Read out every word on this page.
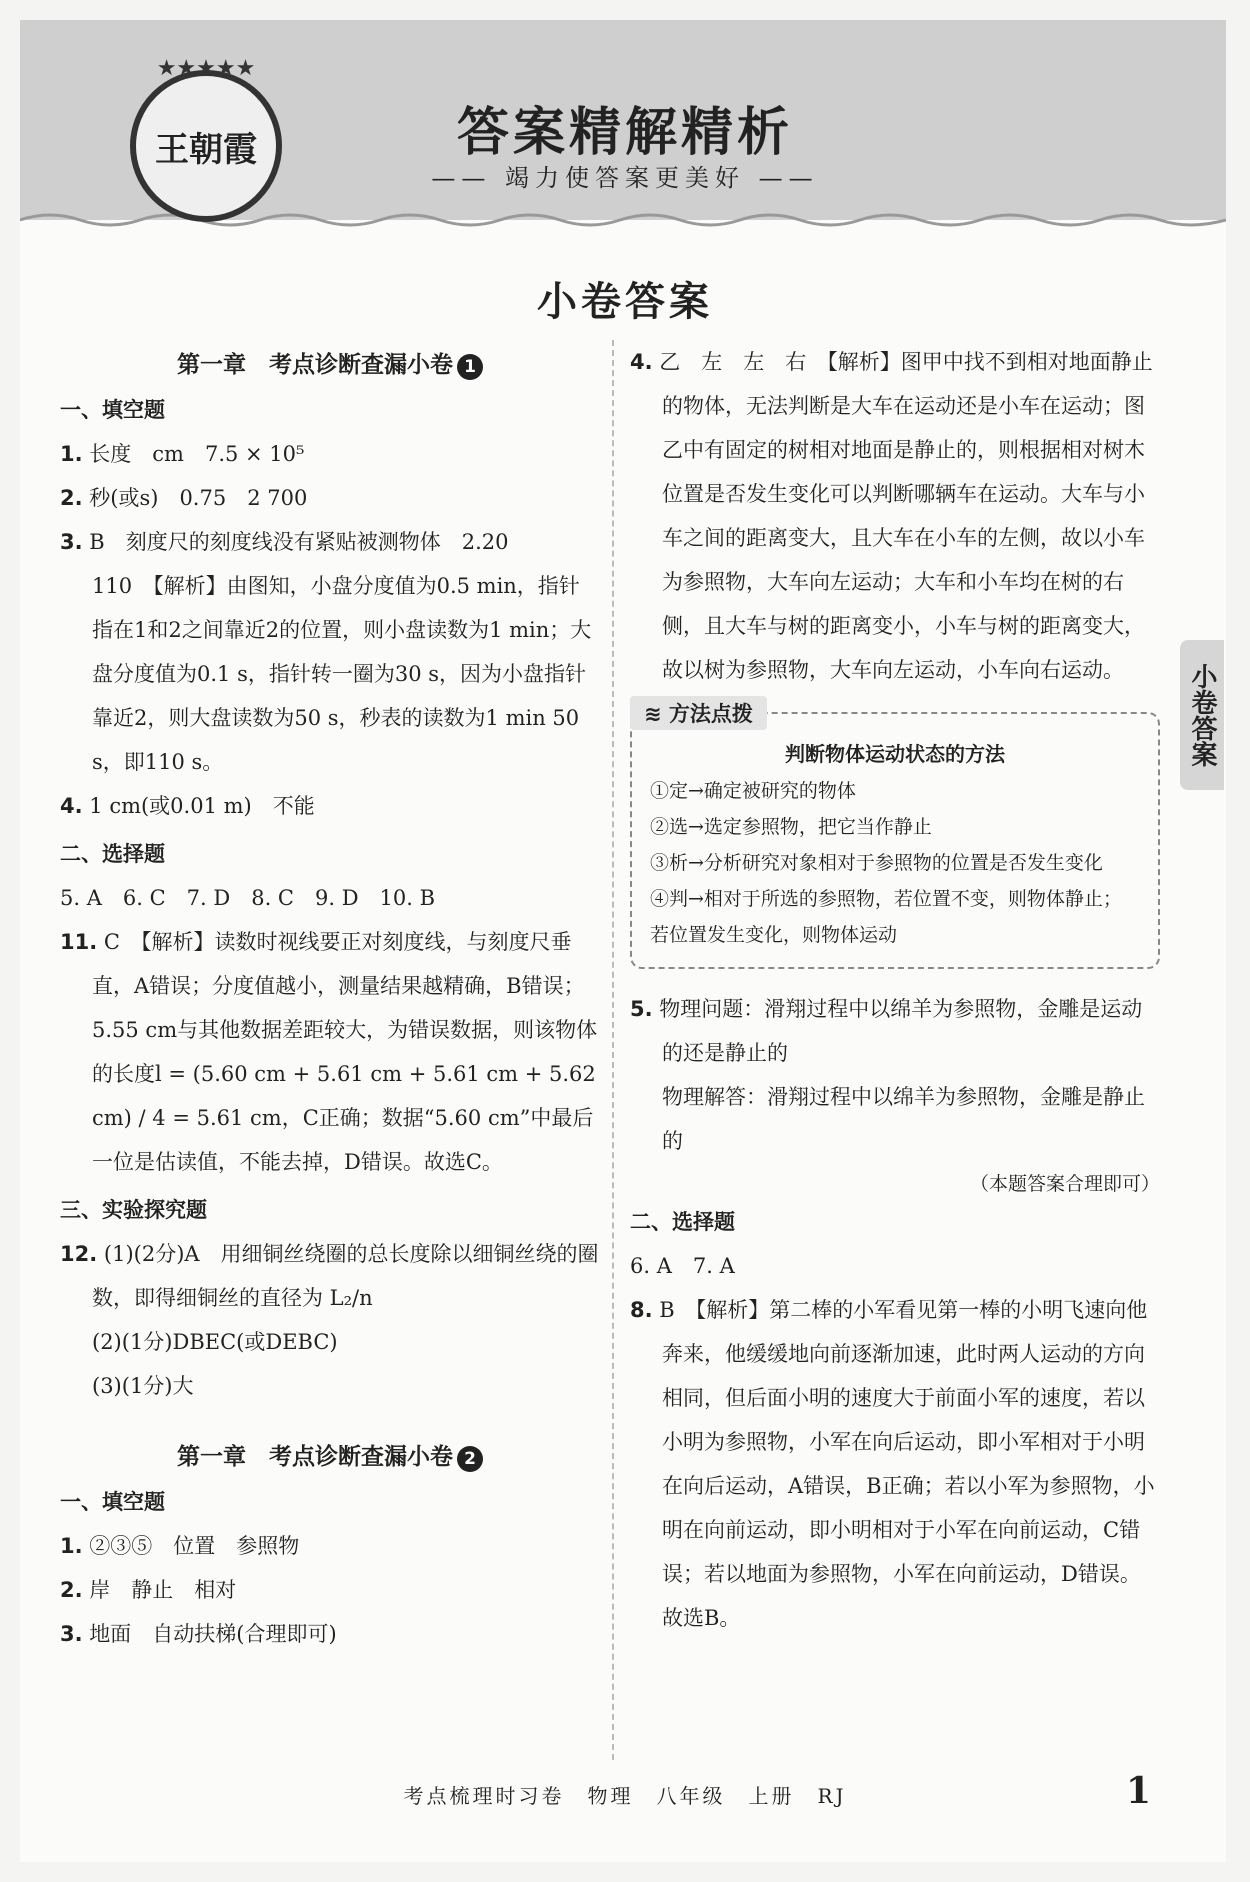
★★★★★
王朝霞	答案精解精析
—— 竭力使答案更美好 ——
小卷答案
第一章　考点诊断查漏小卷 1
一、填空题
1. 长度　cm　7.5 × 10⁵
2. 秒(或s)　0.75　2 700
3. B　刻度尺的刻度线没有紧贴被测物体　2.20
110　【解析】由图知，小盘分度值为0.5 min，指针指在1和2之间靠近2的位置，则小盘读数为1 min；大盘分度值为0.1 s，指针转一圈为30 s，因为小盘指针靠近2，则大盘读数为50 s，秒表的读数为1 min 50 s，即110 s。
4. 1 cm(或0.01 m)　不能
二、选择题
5. A　6. C　7. D　8. C　9. D　10. B
11. C　【解析】读数时视线要正对刻度线，与刻度尺垂直，A错误；分度值越小，测量结果越精确，B错误；5.55 cm与其他数据差距较大，为错误数据，则该物体的长度l = (5.60 cm + 5.61 cm + 5.61 cm + 5.62 cm) / 4 = 5.61 cm，C正确；数据“5.60 cm”中最后一位是估读值，不能去掉，D错误。故选C。
三、实验探究题
12. (1)(2分)A　用细铜丝绕圈的总长度除以细铜丝绕的圈数，即得细铜丝的直径为 L₂/n
(2)(1分)DBEC(或DEBC)
(3)(1分)大
第一章　考点诊断查漏小卷 2
一、填空题
1. ②③⑤　位置　参照物
2. 岸　静止　相对
3. 地面　自动扶梯(合理即可)
4. 乙　左　左　右　【解析】图甲中找不到相对地面静止的物体，无法判断是大车在运动还是小车在运动；图乙中有固定的树相对地面是静止的，则根据相对树木位置是否发生变化可以判断哪辆车在运动。大车与小车之间的距离变大，且大车在小车的左侧，故以小车为参照物，大车向左运动；大车和小车均在树的右侧，且大车与树的距离变小，小车与树的距离变大，故以树为参照物，大车向左运动，小车向右运动。
≋ 方法点拨
判断物体运动状态的方法
①定→确定被研究的物体
②选→选定参照物，把它当作静止
③析→分析研究对象相对于参照物的位置是否发生变化
④判→相对于所选的参照物，若位置不变，则物体静止；若位置发生变化，则物体运动
5. 物理问题：滑翔过程中以绵羊为参照物，金雕是运动的还是静止的
物理解答：滑翔过程中以绵羊为参照物，金雕是静止的
（本题答案合理即可）
二、选择题
6. A　7. A
8. B　【解析】第二棒的小军看见第一棒的小明飞速向他奔来，他缓缓地向前逐渐加速，此时两人运动的方向相同，但后面小明的速度大于前面小军的速度，若以小明为参照物，小军在向后运动，即小军相对于小明在向后运动，A错误，B正确；若以小军为参照物，小明在向前运动，即小明相对于小军在向前运动，C错误；若以地面为参照物，小军在向前运动，D错误。故选B。
小卷答案
考点梳理时习卷　物理　八年级　上册　RJ	1
